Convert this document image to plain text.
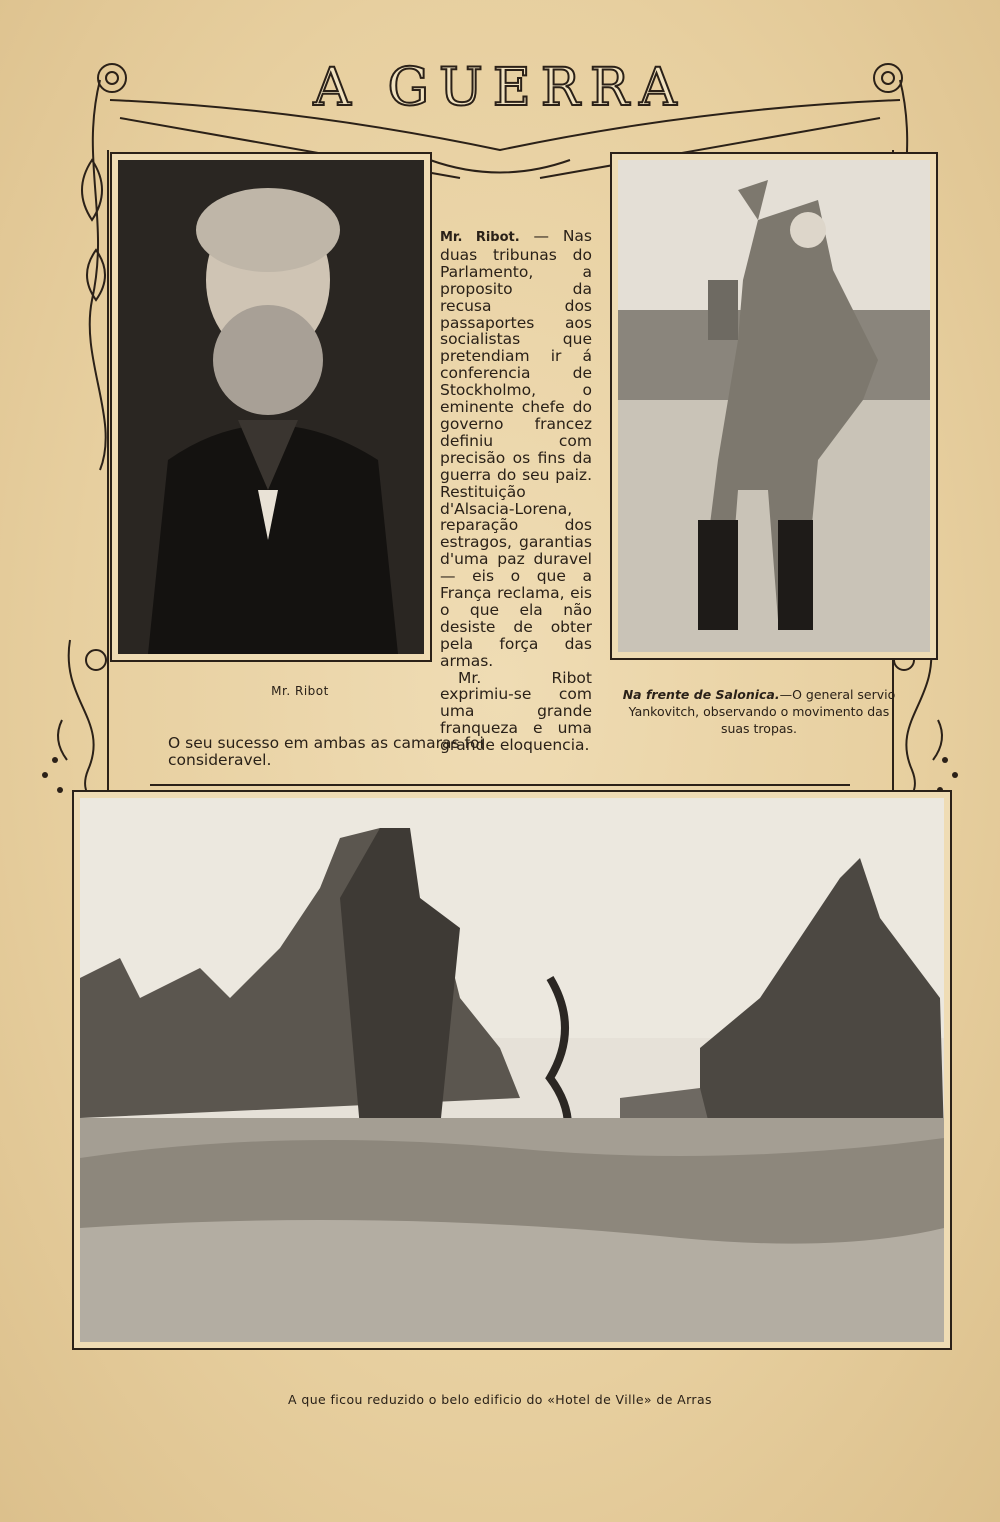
A GUERRA
Mr. Ribot

Mr. Ribot. — Nas duas tribunas do Parlamento, a proposito da recusa dos passaportes aos socialistas que pretendiam ir á conferencia de Stockholmo, o eminente chefe do governo francez definiu com precisão os fins da guerra do seu paiz. Restituição d'Alsacia-Lorena, reparação dos estragos, garantias d'uma paz duravel — eis o que a França reclama, eis o que ela não desiste de obter pela força das armas.

Mr. Ribot exprimiu-se com uma grande franqueza e uma grande eloquencia.

O seu sucesso em ambas as camaras foi consideravel.
Na frente de Salonica.—O general servio Yankovitch, observando o movimento das suas tropas.
A que ficou reduzido o belo edificio do «Hotel de Ville» de Arras
